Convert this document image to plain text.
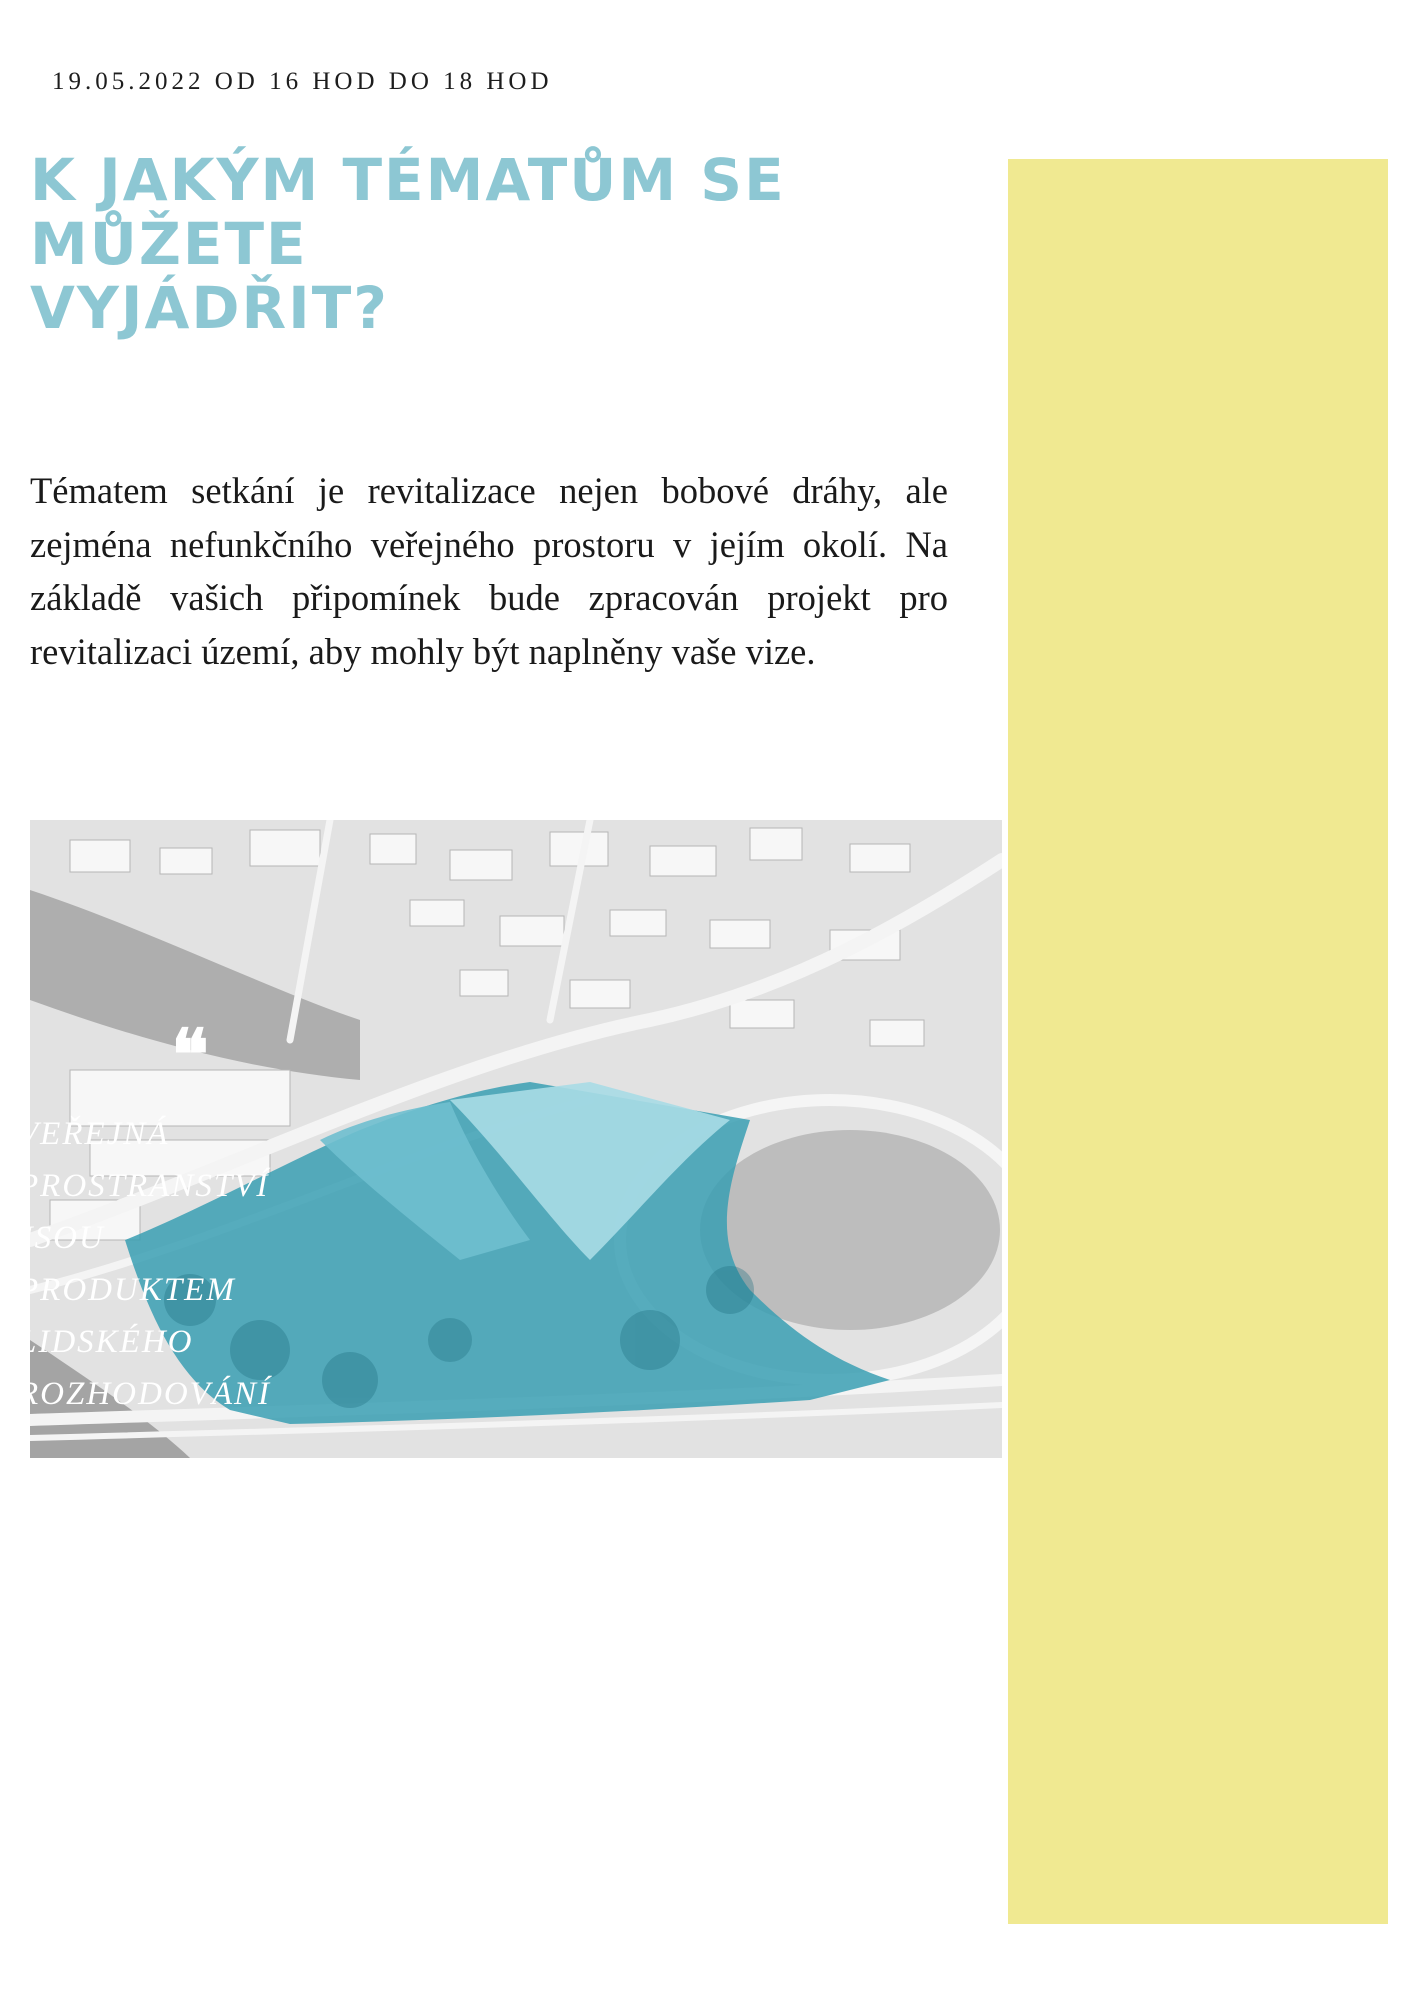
19.05.2022 OD 16 HOD DO 18 HOD
K JAKÝM TÉMATŮM SE MŮŽETE
VYJÁDŘIT?

Tématem setkání je revitalizace nejen bobové dráhy, ale zejména nefunkčního veřejného prostoru v jejím okolí. Na základě vašich připomínek bude zpracován projekt pro revitalizaci území, aby mohly být naplněny vaše vize.

❝
VEŘEJNÁ
PROSTRANSTVÍ
JSOU
PRODUKTEM
LIDSKÉHO
ROZHODOVÁNÍ
